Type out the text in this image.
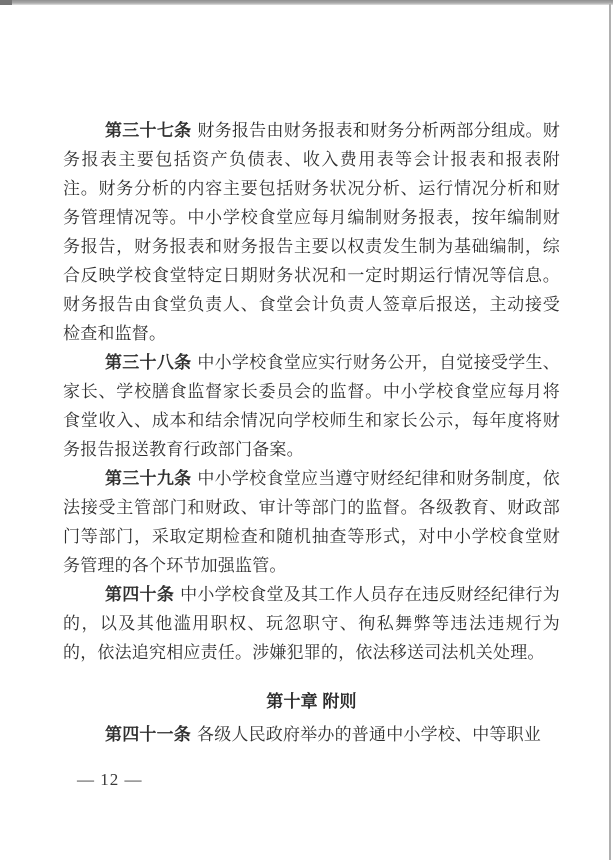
第三十七条 财务报告由财务报表和财务分析两部分组成。财务报表主要包括资产负债表、收入费用表等会计报表和报表附注。财务分析的内容主要包括财务状况分析、运行情况分析和财务管理情况等。中小学校食堂应每月编制财务报表，按年编制财务报告，财务报表和财务报告主要以权责发生制为基础编制，综合反映学校食堂特定日期财务状况和一定时期运行情况等信息。财务报告由食堂负责人、食堂会计负责人签章后报送，主动接受检查和监督。

第三十八条 中小学校食堂应实行财务公开，自觉接受学生、家长、学校膳食监督家长委员会的监督。中小学校食堂应每月将食堂收入、成本和结余情况向学校师生和家长公示，每年度将财务报告报送教育行政部门备案。

第三十九条 中小学校食堂应当遵守财经纪律和财务制度，依法接受主管部门和财政、审计等部门的监督。各级教育、财政部门等部门，采取定期检查和随机抽查等形式，对中小学校食堂财务管理的各个环节加强监管。

第四十条 中小学校食堂及其工作人员存在违反财经纪律行为的，以及其他滥用职权、玩忽职守、徇私舞弊等违法违规行为的，依法追究相应责任。涉嫌犯罪的，依法移送司法机关处理。

第十章 附则

第四十一条 各级人民政府举办的普通中小学校、中等职业

— 12 —
